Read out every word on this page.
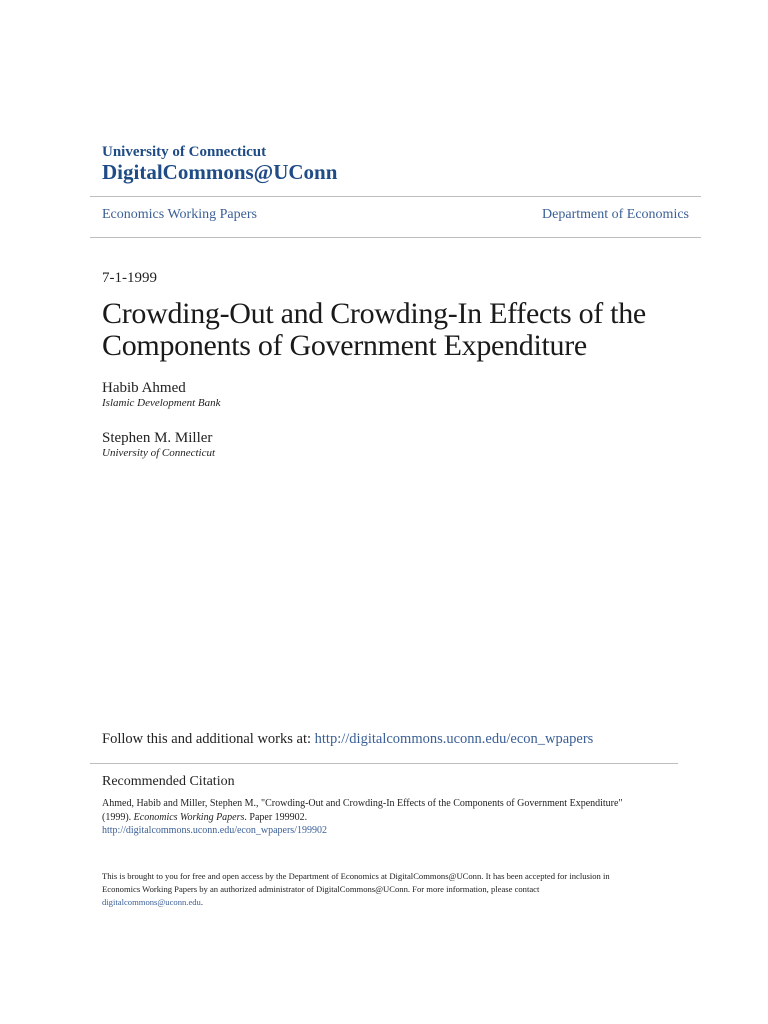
University of Connecticut
DigitalCommons@UConn
Economics Working Papers	Department of Economics
7-1-1999
Crowding-Out and Crowding-In Effects of the
Components of Government Expenditure
Habib Ahmed
Islamic Development Bank
Stephen M. Miller
University of Connecticut
Follow this and additional works at: http://digitalcommons.uconn.edu/econ_wpapers
Recommended Citation
Ahmed, Habib and Miller, Stephen M., "Crowding-Out and Crowding-In Effects of the Components of Government Expenditure"
(1999). Economics Working Papers. Paper 199902.
http://digitalcommons.uconn.edu/econ_wpapers/199902
This is brought to you for free and open access by the Department of Economics at DigitalCommons@UConn. It has been accepted for inclusion in
Economics Working Papers by an authorized administrator of DigitalCommons@UConn. For more information, please contact
digitalcommons@uconn.edu.
